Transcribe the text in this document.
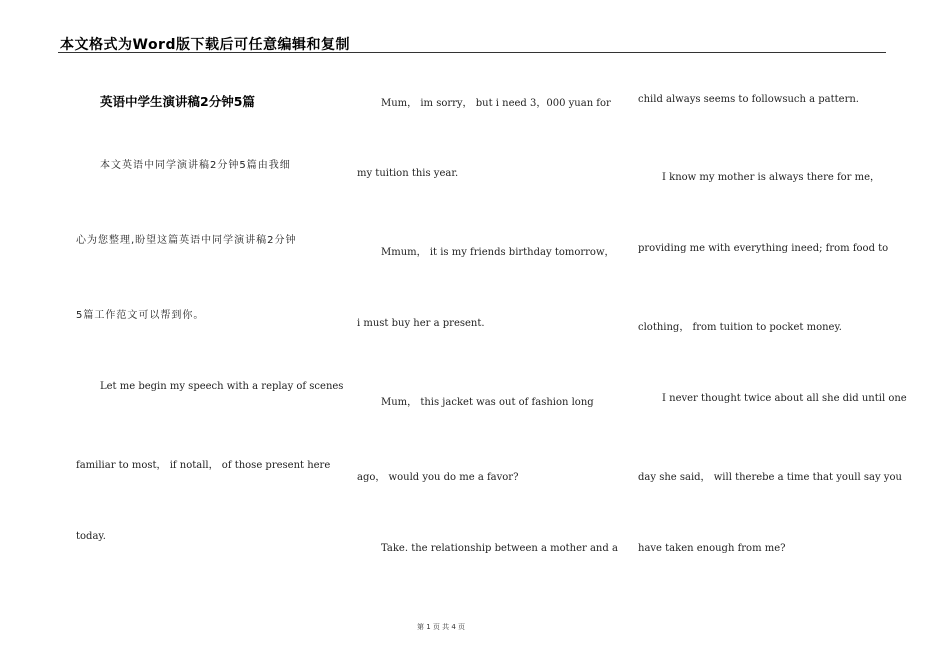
本文格式为Word版下载后可任意编辑和复制
英语中学生演讲稿2分钟5篇
本文英语中同学演讲稿2分钟5篇由我细
心为您整理,盼望这篇英语中同学演讲稿2分钟
5篇工作范文可以帮到你。
Let me begin my speech with a replay of scenes
familiar to most， if notall， of those present here
today.
Mum， im sorry， but i need 3，000 yuan for
my tuition this year.
Mmum， it is my friends birthday tomorrow，
i must buy her a present.
Mum， this jacket was out of fashion long
ago， would you do me a favor?
Take. the relationship between a mother and a
child always seems to followsuch a pattern.
I know my mother is always there for me，
providing me with everything ineed; from food to
clothing， from tuition to pocket money.
I never thought twice about all she did until one
day she said， will therebe a time that youll say you
have taken enough from me?
第 1 页 共 4 页
